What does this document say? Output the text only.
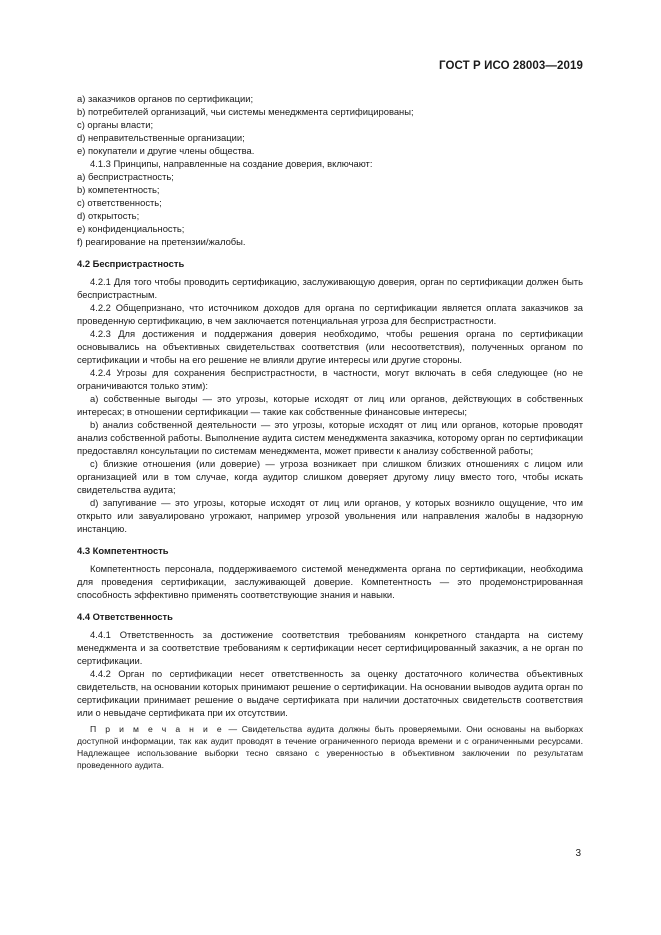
ГОСТ Р ИСО 28003—2019

а) заказчиков органов по сертификации;

b) потребителей организаций, чьи системы менеджмента сертифицированы;

c) органы власти;

d) неправительственные организации;

e) покупатели и другие члены общества.

4.1.3 Принципы, направленные на создание доверия, включают:

a) беспристрастность;

b) компетентность;

c) ответственность;

d) открытость;

e) конфиденциальность;

f) реагирование на претензии/жалобы.

4.2 Беспристрастность

4.2.1 Для того чтобы проводить сертификацию, заслуживающую доверия, орган по сертификации должен быть беспристрастным.

4.2.2 Общепризнано, что источником доходов для органа по сертификации является оплата заказчиков за проведенную сертификацию, в чем заключается потенциальная угроза для беспристрастности.

4.2.3 Для достижения и поддержания доверия необходимо, чтобы решения органа по сертификации основывались на объективных свидетельствах соответствия (или несоответствия), полученных органом по сертификации и чтобы на его решение не влияли другие интересы или другие стороны.

4.2.4 Угрозы для сохранения беспристрастности, в частности, могут включать в себя следующее (но не ограничиваются только этим):

a) собственные выгоды — это угрозы, которые исходят от лиц или органов, действующих в собственных интересах; в отношении сертификации — такие как собственные финансовые интересы;

b) анализ собственной деятельности — это угрозы, которые исходят от лиц или органов, которые проводят анализ собственной работы. Выполнение аудита систем менеджмента заказчика, которому орган по сертификации предоставлял консультации по системам менеджмента, может привести к анализу собственной работы;

c) близкие отношения (или доверие) — угроза возникает при слишком близких отношениях с лицом или организацией или в том случае, когда аудитор слишком доверяет другому лицу вместо того, чтобы искать свидетельства аудита;

d) запугивание — это угрозы, которые исходят от лиц или органов, у которых возникло ощущение, что им открыто или завуалировано угрожают, например угрозой увольнения или направления жалобы в надзорную инстанцию.

4.3 Компетентность

Компетентность персонала, поддерживаемого системой менеджмента органа по сертификации, необходима для проведения сертификации, заслуживающей доверие. Компетентность — это продемонстрированная способность эффективно применять соответствующие знания и навыки.

4.4 Ответственность

4.4.1 Ответственность за достижение соответствия требованиям конкретного стандарта на систему менеджмента и за соответствие требованиям к сертификации несет сертифицированный заказчик, а не орган по сертификации.

4.4.2 Орган по сертификации несет ответственность за оценку достаточного количества объективных свидетельств, на основании которых принимают решение о сертификации. На основании выводов аудита орган по сертификации принимает решение о выдаче сертификата при наличии достаточных свидетельств соответствия или о невыдаче сертификата при их отсутствии.

П р и м е ч а н и е — Свидетельства аудита должны быть проверяемыми. Они основаны на выборках доступной информации, так как аудит проводят в течение ограниченного периода времени и с ограниченными ресурсами. Надлежащее использование выборки тесно связано с уверенностью в объективном заключении по результатам проведенного аудита.

3
